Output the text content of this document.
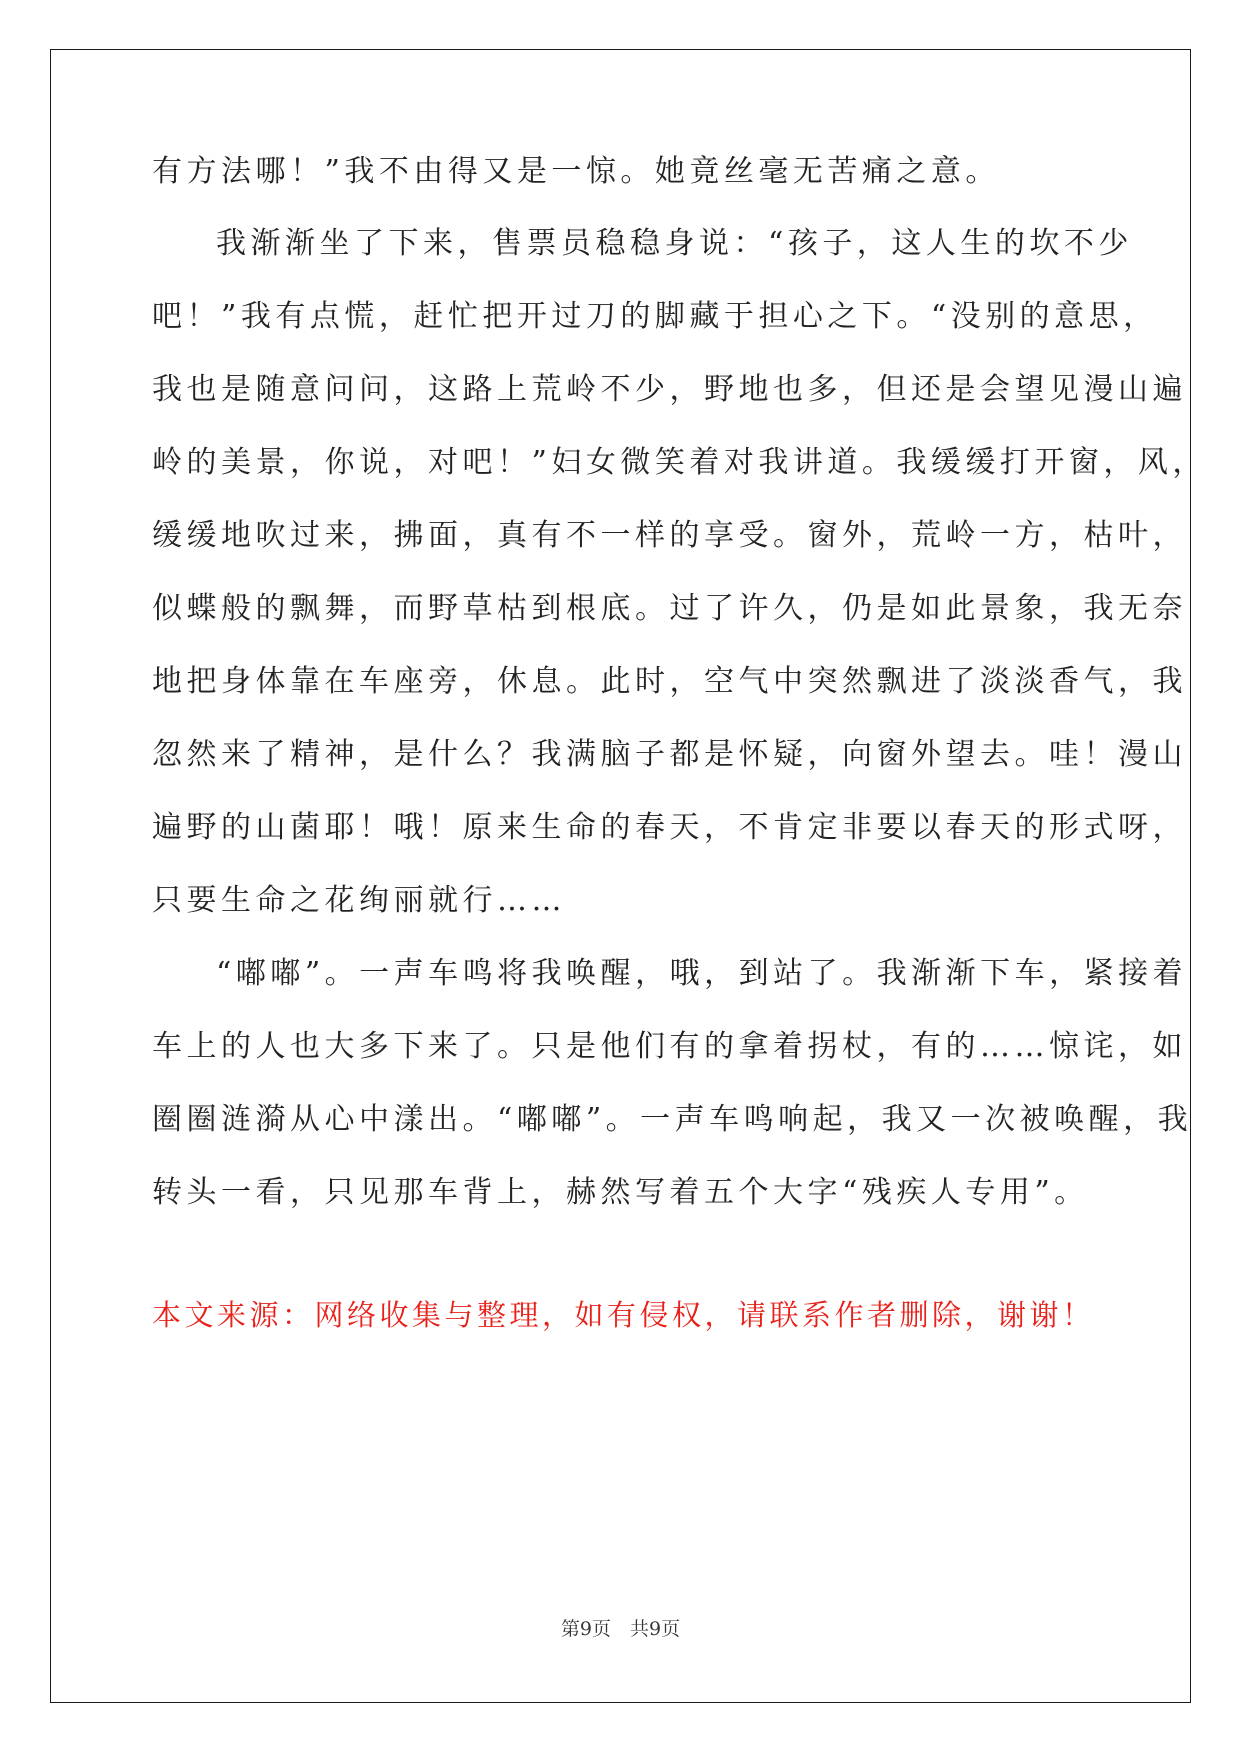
有方法哪！”我不由得又是一惊。她竟丝毫无苦痛之意。
我渐渐坐了下来，售票员稳稳身说：“孩子，这人生的坎不少
吧！”我有点慌，赶忙把开过刀的脚藏于担心之下。“没别的意思，
我也是随意问问，这路上荒岭不少，野地也多，但还是会望见漫山遍
岭的美景，你说，对吧！”妇女微笑着对我讲道。我缓缓打开窗，风，
缓缓地吹过来，拂面，真有不一样的享受。窗外，荒岭一方，枯叶，
似蝶般的飘舞，而野草枯到根底。过了许久，仍是如此景象，我无奈
地把身体靠在车座旁，休息。此时，空气中突然飘进了淡淡香气，我
忽然来了精神，是什么？我满脑子都是怀疑，向窗外望去。哇！漫山
遍野的山菌耶！哦！原来生命的春天，不肯定非要以春天的形式呀，
只要生命之花绚丽就行……
“嘟嘟”。一声车鸣将我唤醒，哦，到站了。我渐渐下车，紧接着
车上的人也大多下来了。只是他们有的拿着拐杖，有的……惊诧，如
圈圈涟漪从心中漾出。“嘟嘟”。一声车鸣响起，我又一次被唤醒，我
转头一看，只见那车背上，赫然写着五个大字“残疾人专用”。
本文来源：网络收集与整理，如有侵权，请联系作者删除，谢谢！
第9页　共9页
